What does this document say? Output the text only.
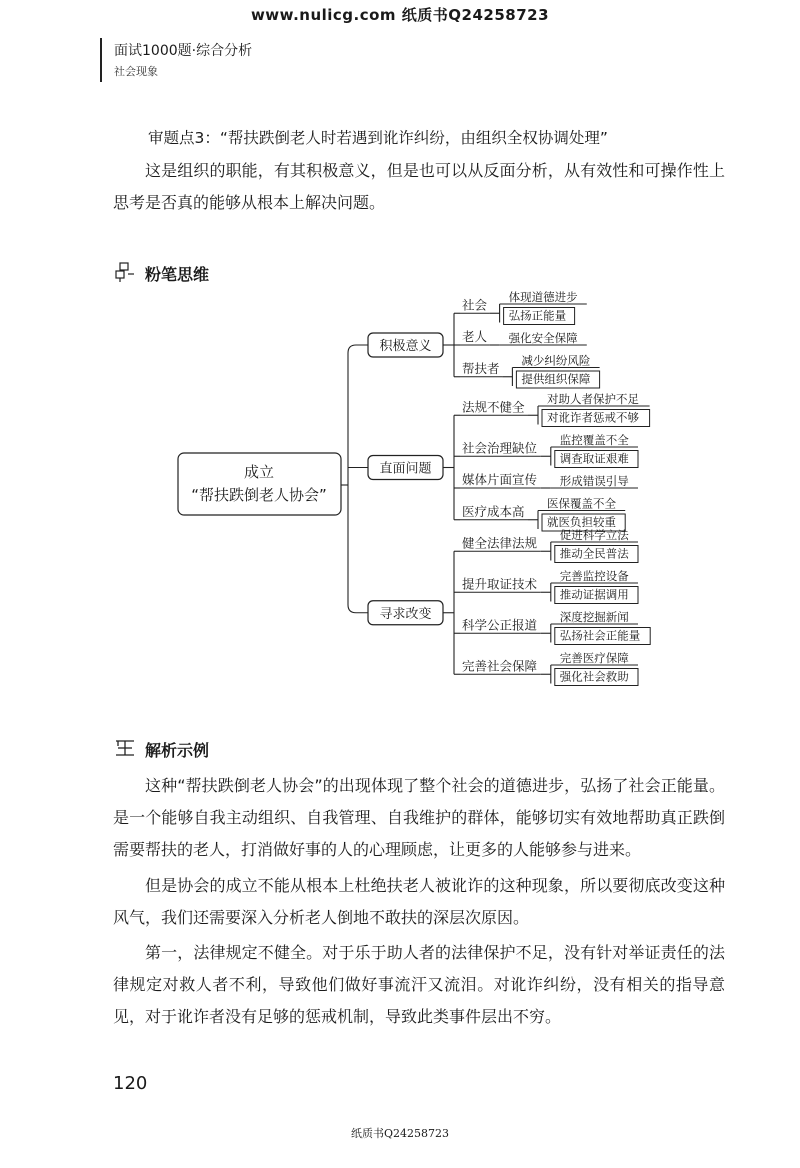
www.nulicg.com 纸质书Q24258723
面试1000题·综合分析
社会现象
审题点3：“帮扶跌倒老人时若遇到讹诈纠纷，由组织全权协调处理”
这是组织的职能，有其积极意义，但是也可以从反面分析，从有效性和可操作性上思考是否真的能够从根本上解决问题。
粉笔思维
成立
“帮扶跌倒老人协会”
社会
体现道德进步
弘扬正能量
老人 强化安全保障
帮扶者
减少纠纷风险
提供组织保障
积极意义
法规不健全
对助人者保护不足
对讹诈者惩戒不够
社会治理缺位
监控覆盖不全
调查取证艰难
媒体片面宣传 形成错误引导
医疗成本高
医保覆盖不全
就医负担较重
直面问题
健全法律法规
促进科学立法
推动全民普法
提升取证技术
完善监控设备
推动证据调用
科学公正报道
深度挖掘新闻
弘扬社会正能量
完善社会保障
完善医疗保障
强化社会救助
寻求改变
解析示例
这种“帮扶跌倒老人协会”的出现体现了整个社会的道德进步，弘扬了社会正能量。是一个能够自我主动组织、自我管理、自我维护的群体，能够切实有效地帮助真正跌倒需要帮扶的老人，打消做好事的人的心理顾虑，让更多的人能够参与进来。
但是协会的成立不能从根本上杜绝扶老人被讹诈的这种现象，所以要彻底改变这种风气，我们还需要深入分析老人倒地不敢扶的深层次原因。
第一，法律规定不健全。对于乐于助人者的法律保护不足，没有针对举证责任的法律规定对救人者不利，导致他们做好事流汗又流泪。对讹诈纠纷，没有相关的指导意见，对于讹诈者没有足够的惩戒机制，导致此类事件层出不穷。
120
纸质书Q24258723
